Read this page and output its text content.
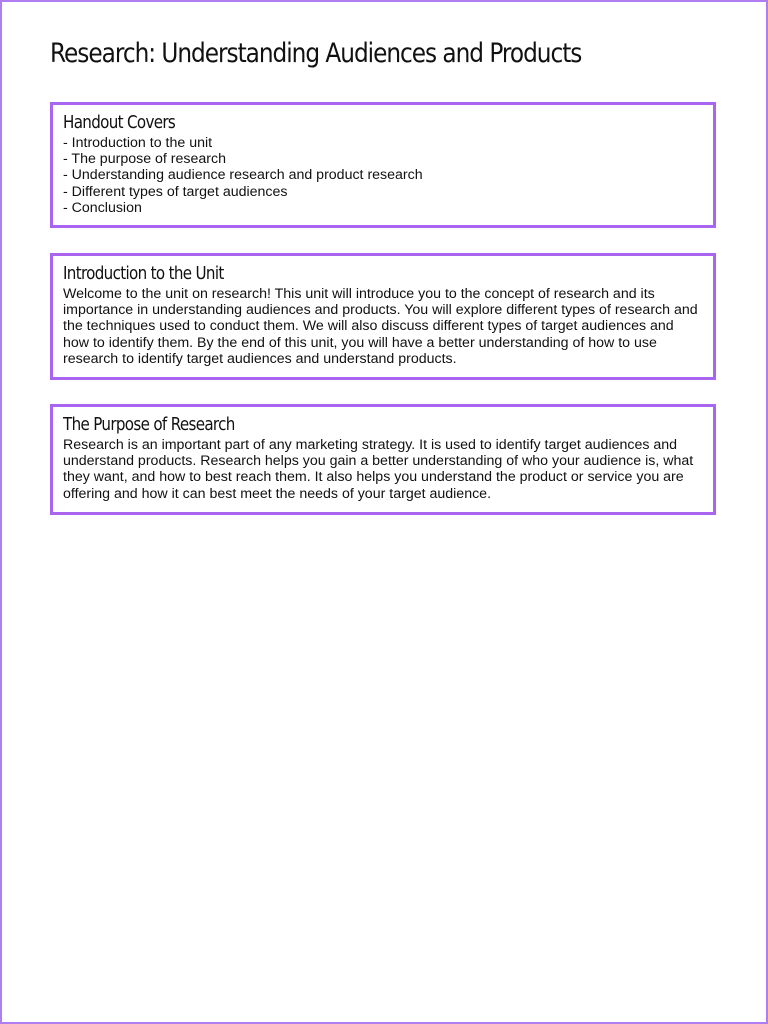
Research: Understanding Audiences and Products
Handout Covers
- Introduction to the unit
- The purpose of research
- Understanding audience research and product research
- Different types of target audiences
- Conclusion
Introduction to the Unit

Welcome to the unit on research! This unit will introduce you to the concept of research and its importance in understanding audiences and products. You will explore different types of research and the techniques used to conduct them. We will also discuss different types of target audiences and how to identify them. By the end of this unit, you will have a better understanding of how to use research to identify target audiences and understand products.

The Purpose of Research

Research is an important part of any marketing strategy. It is used to identify target audiences and understand products. Research helps you gain a better understanding of who your audience is, what they want, and how to best reach them. It also helps you understand the product or service you are offering and how it can best meet the needs of your target audience.
